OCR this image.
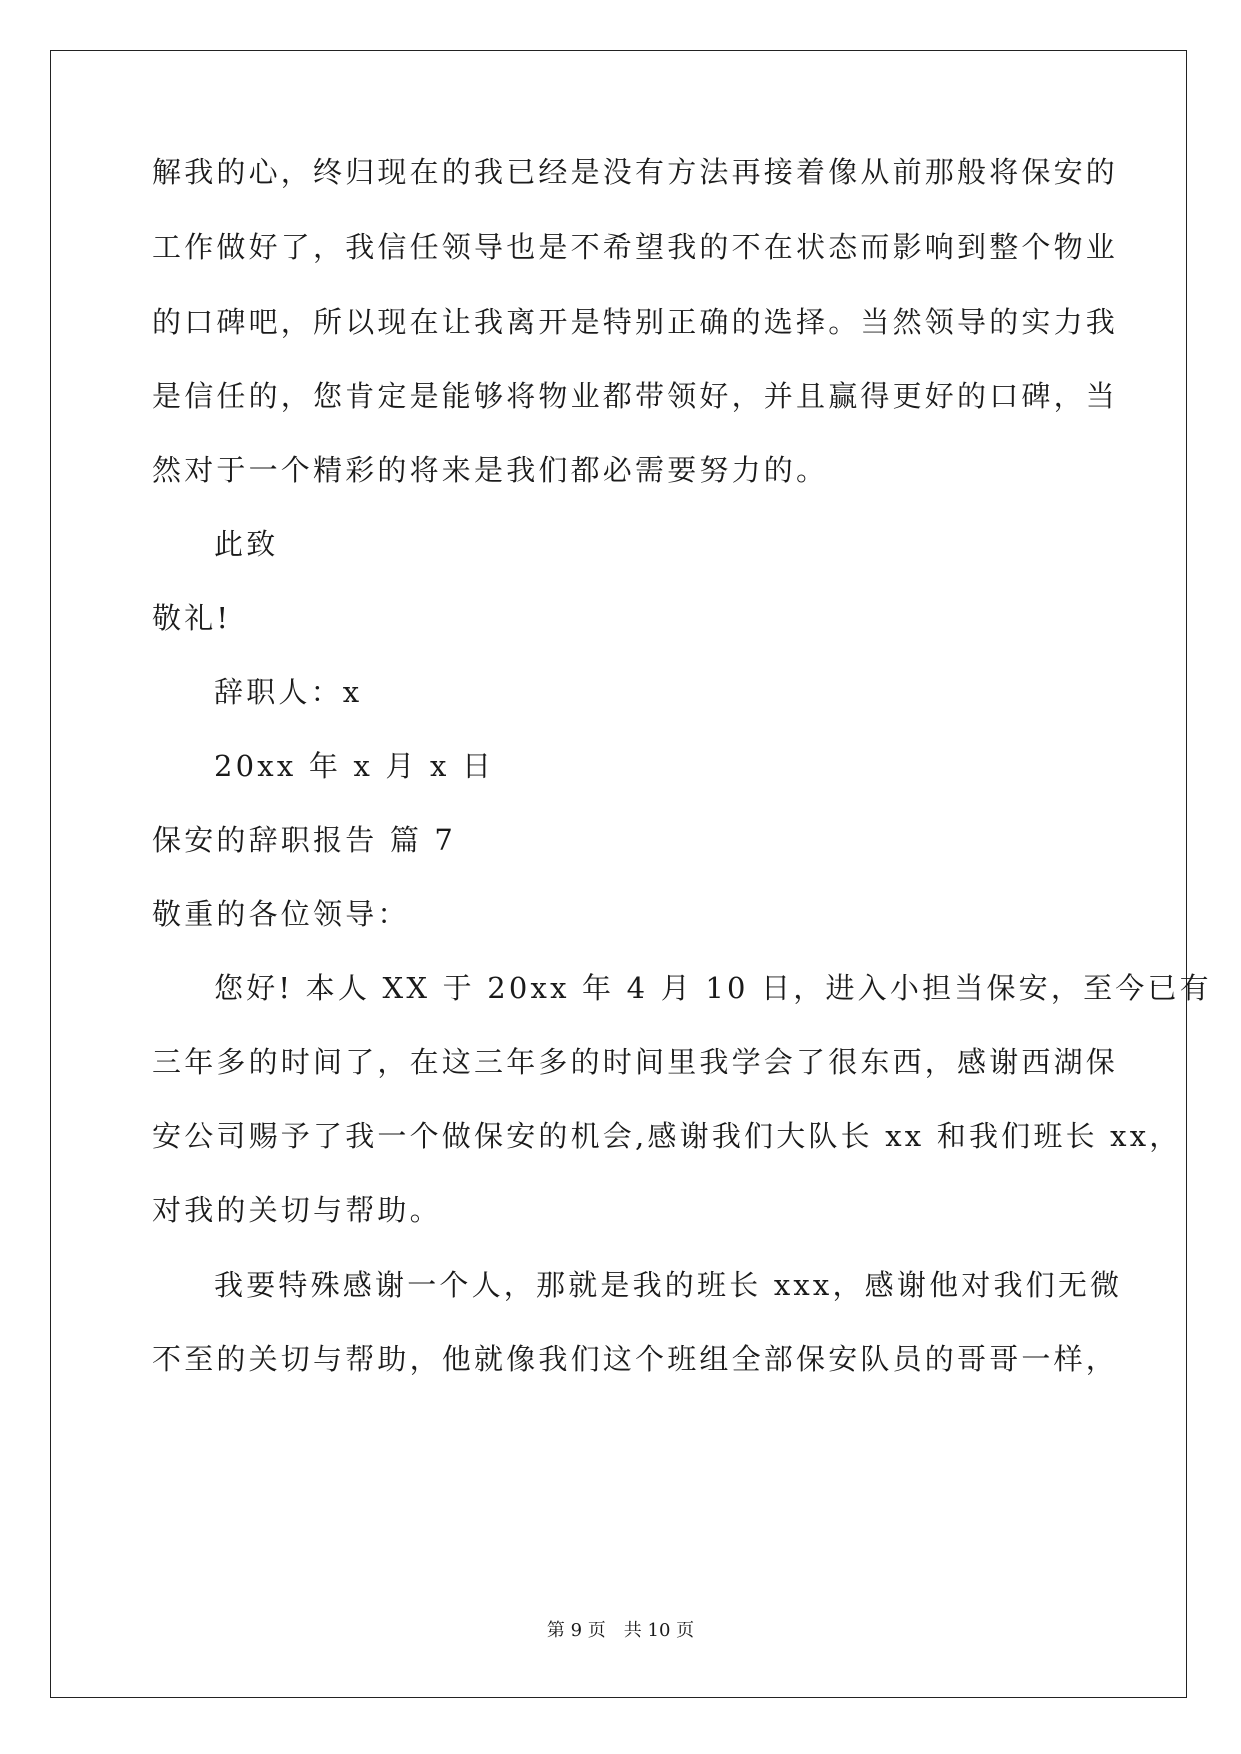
解我的心，终归现在的我已经是没有方法再接着像从前那般将保安的
工作做好了，我信任领导也是不希望我的不在状态而影响到整个物业
的口碑吧，所以现在让我离开是特别正确的选择。当然领导的实力我
是信任的，您肯定是能够将物业都带领好，并且赢得更好的口碑，当
然对于一个精彩的将来是我们都必需要努力的。
此致
敬礼!
辞职人：x
20xx 年 x 月 x 日
保安的辞职报告 篇 7
敬重的各位领导：
您好! 本人 XX 于 20xx 年 4 月 10 日，进入小担当保安，至今已有
三年多的时间了，在这三年多的时间里我学会了很东西，感谢西湖保
安公司赐予了我一个做保安的机会,感谢我们大队长 xx 和我们班长 xx，
对我的关切与帮助。
我要特殊感谢一个人，那就是我的班长 xxx，感谢他对我们无微
不至的关切与帮助，他就像我们这个班组全部保安队员的哥哥一样，
第 9 页　共 10 页
